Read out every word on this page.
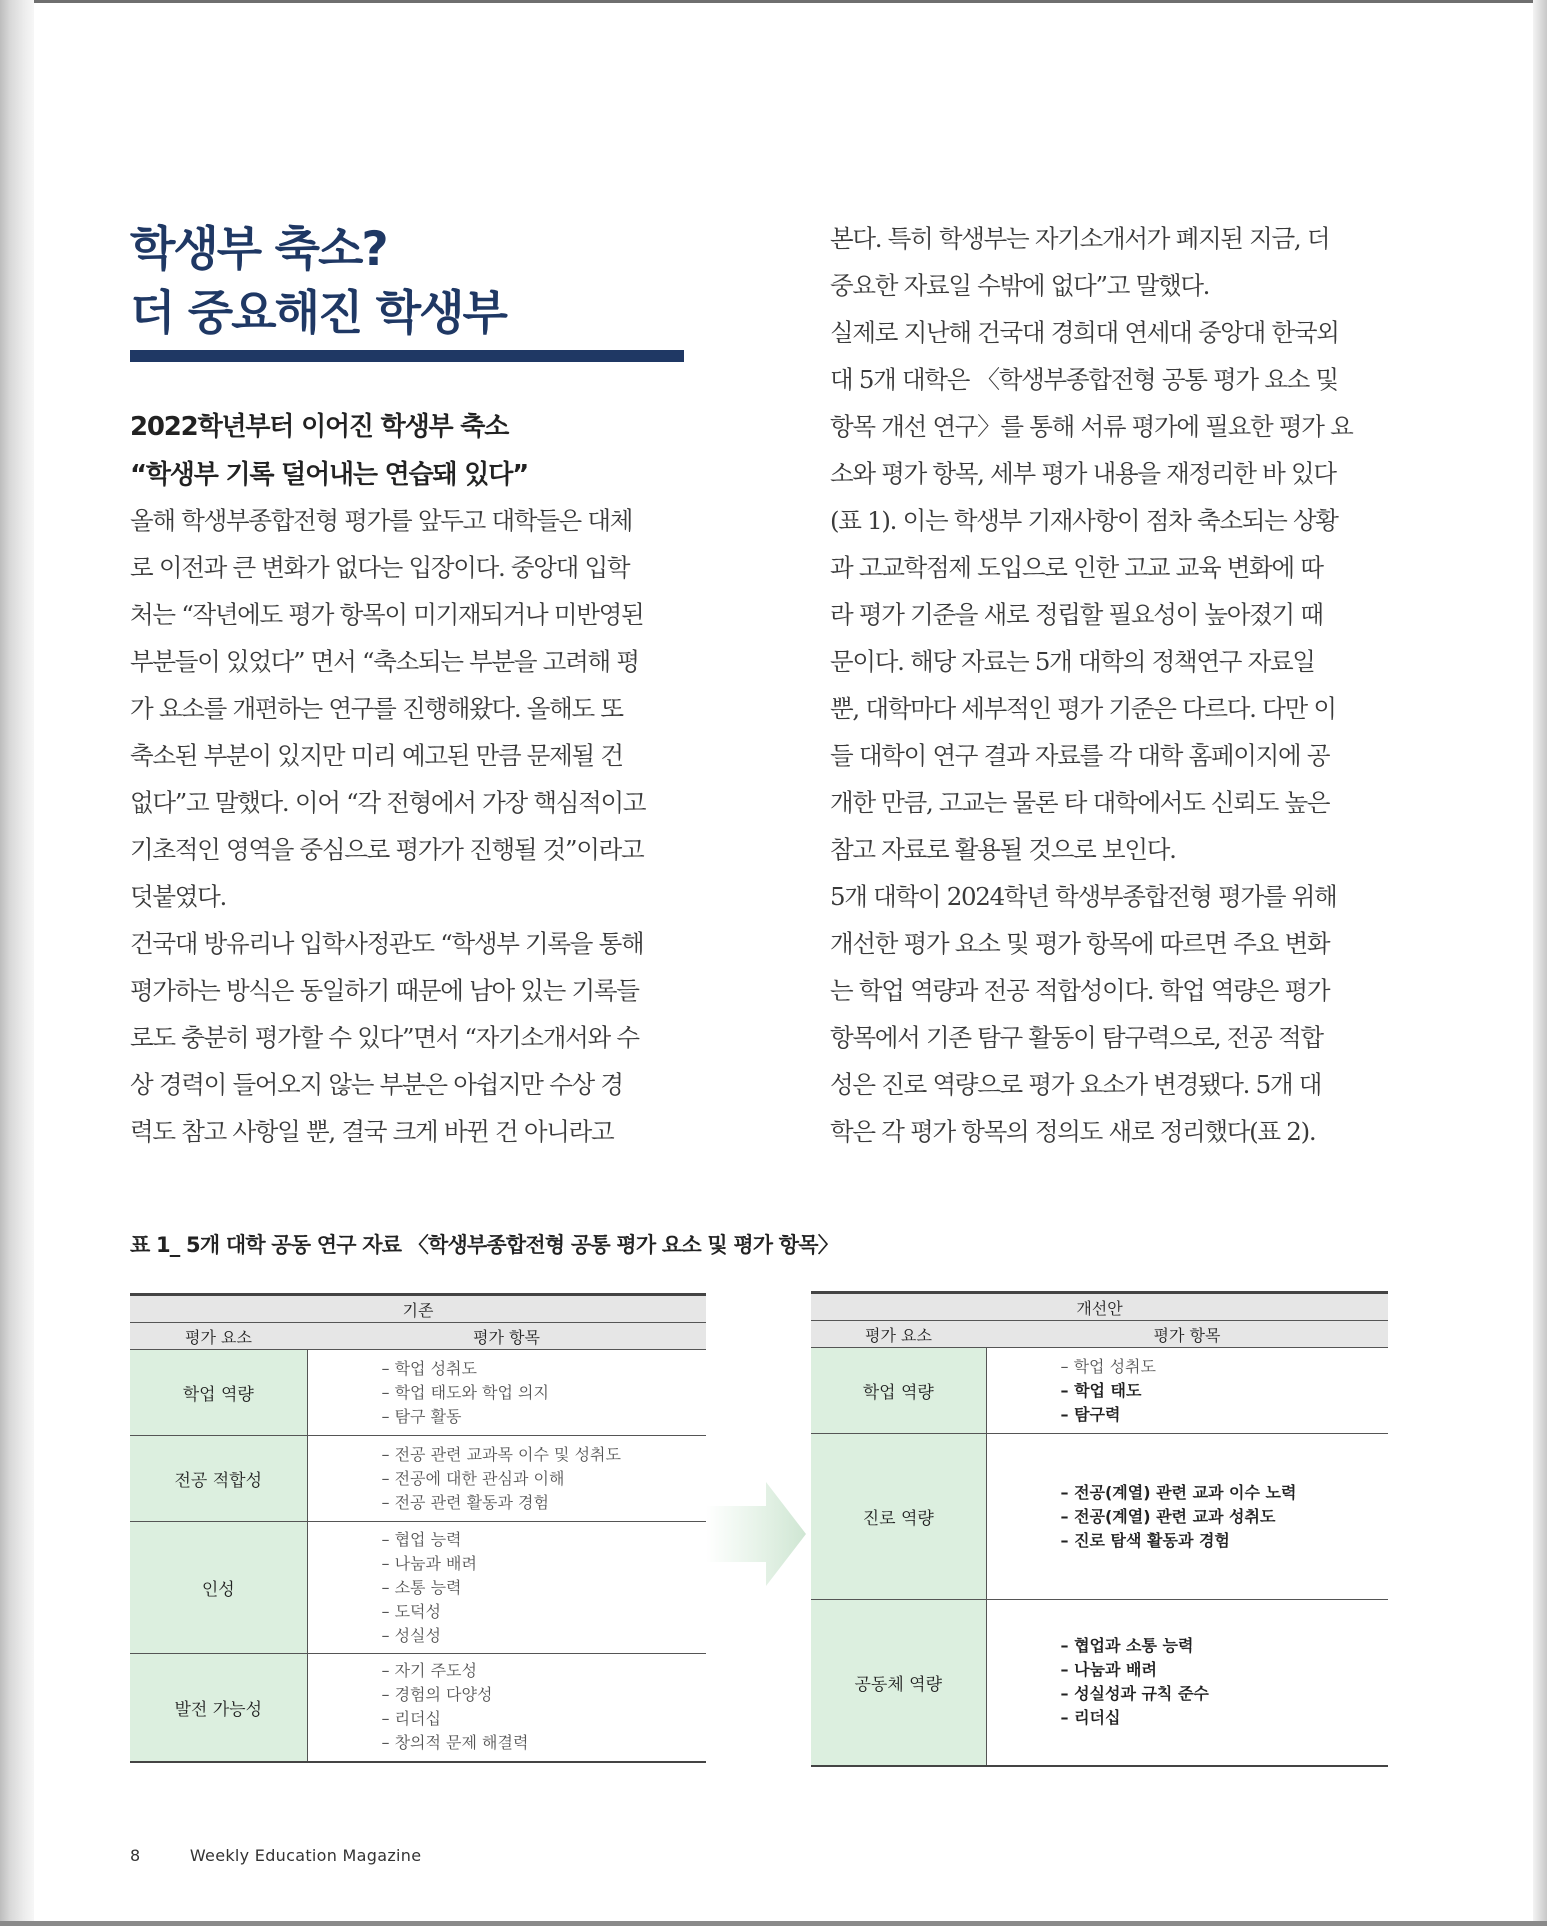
학생부 축소?
더 중요해진 학생부
2022학년부터 이어진 학생부 축소
“학생부 기록 덜어내는 연습돼 있다”
올해 학생부종합전형 평가를 앞두고 대학들은 대체
로 이전과 큰 변화가 없다는 입장이다. 중앙대 입학
처는 “작년에도 평가 항목이 미기재되거나 미반영된
부분들이 있었다” 면서 “축소되는 부분을 고려해 평
가 요소를 개편하는 연구를 진행해왔다. 올해도 또
축소된 부분이 있지만 미리 예고된 만큼 문제될 건
없다”고 말했다. 이어 “각 전형에서 가장 핵심적이고
기초적인 영역을 중심으로 평가가 진행될 것”이라고
덧붙였다.
건국대 방유리나 입학사정관도 “학생부 기록을 통해
평가하는 방식은 동일하기 때문에 남아 있는 기록들
로도 충분히 평가할 수 있다”면서 “자기소개서와 수
상 경력이 들어오지 않는 부분은 아쉽지만 수상 경
력도 참고 사항일 뿐, 결국 크게 바뀐 건 아니라고
본다. 특히 학생부는 자기소개서가 폐지된 지금, 더
중요한 자료일 수밖에 없다”고 말했다.
실제로 지난해 건국대 경희대 연세대 중앙대 한국외
대 5개 대학은 〈학생부종합전형 공통 평가 요소 및
항목 개선 연구〉를 통해 서류 평가에 필요한 평가 요
소와 평가 항목, 세부 평가 내용을 재정리한 바 있다
(표 1). 이는 학생부 기재사항이 점차 축소되는 상황
과 고교학점제 도입으로 인한 고교 교육 변화에 따
라 평가 기준을 새로 정립할 필요성이 높아졌기 때
문이다. 해당 자료는 5개 대학의 정책연구 자료일
뿐, 대학마다 세부적인 평가 기준은 다르다. 다만 이
들 대학이 연구 결과 자료를 각 대학 홈페이지에 공
개한 만큼, 고교는 물론 타 대학에서도 신뢰도 높은
참고 자료로 활용될 것으로 보인다.
5개 대학이 2024학년 학생부종합전형 평가를 위해
개선한 평가 요소 및 평가 항목에 따르면 주요 변화
는 학업 역량과 전공 적합성이다. 학업 역량은 평가
항목에서 기존 탐구 활동이 탐구력으로, 전공 적합
성은 진로 역량으로 평가 요소가 변경됐다. 5개 대
학은 각 평가 항목의 정의도 새로 정리했다(표 2).
표 1_ 5개 대학 공동 연구 자료 〈학생부종합전형 공통 평가 요소 및 평가 항목〉
기존	
평가 요소	평가 항목
학업 역량	– 학업 성취도
– 학업 태도와 학업 의지
– 탐구 활동

전공 적합성	– 전공 관련 교과목 이수 및 성취도
– 전공에 대한 관심과 이해
– 전공 관련 활동과 경험

인성	– 협업 능력
– 나눔과 배려
– 소통 능력
– 도덕성
– 성실성

발전 가능성	– 자기 주도성
– 경험의 다양성
– 리더십
– 창의적 문제 해결력
개선안	
평가 요소	평가 항목
학업 역량	– 학업 성취도
– 학업 태도
– 탐구력

진로 역량	– 전공(계열) 관련 교과 이수 노력
– 전공(계열) 관련 교과 성취도
– 진로 탐색 활동과 경험

공동체 역량	– 협업과 소통 능력
– 나눔과 배려
– 성실성과 규칙 준수
– 리더십
8	Weekly Education Magazine
